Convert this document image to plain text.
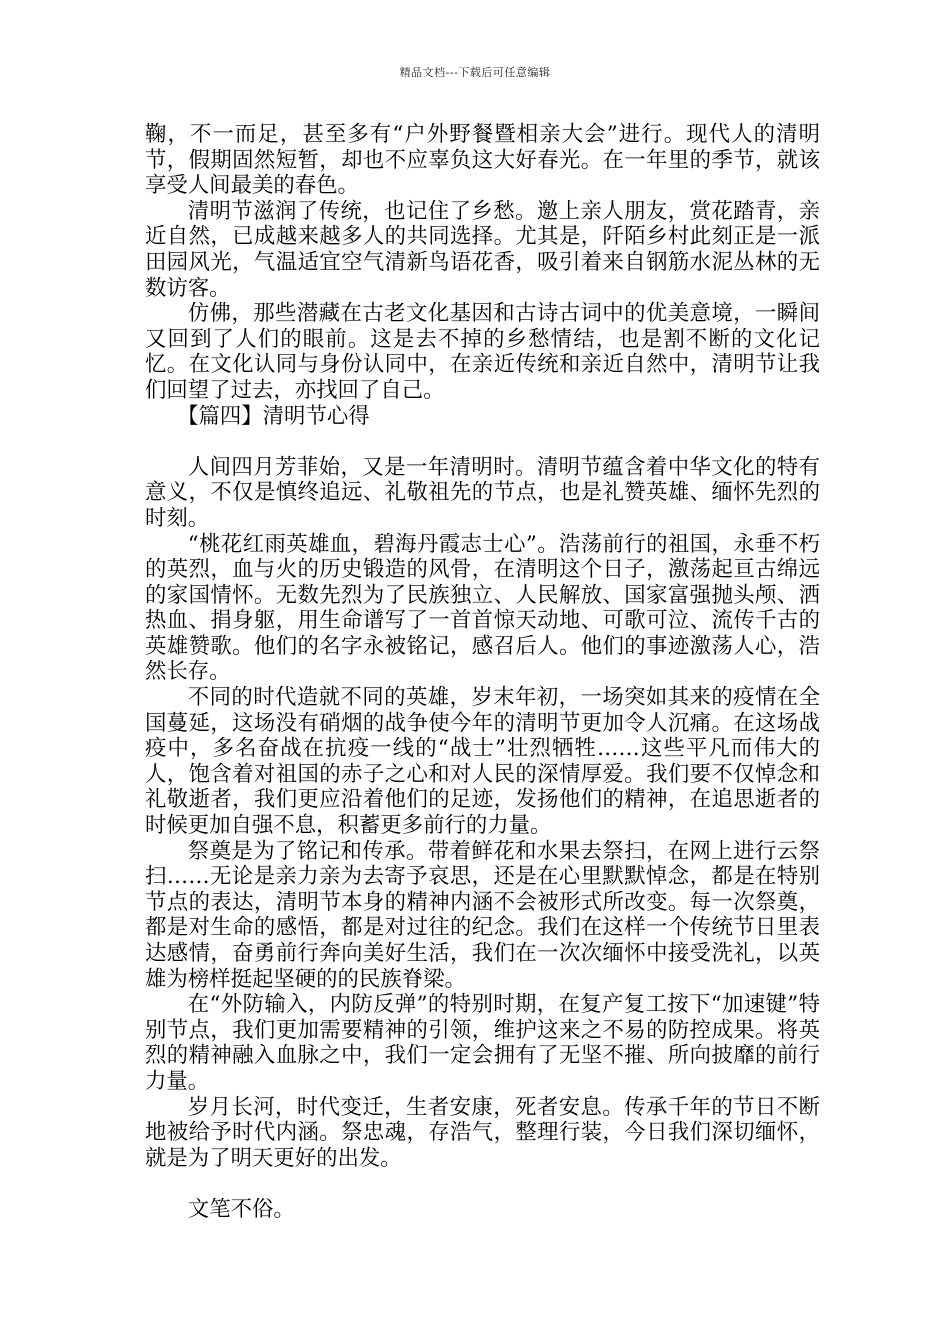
精品文档---下载后可任意编辑

鞠，不一而足，甚至多有“户外野餐暨相亲大会”进行。现代人的清明节，假期固然短暂，却也不应辜负这大好春光。在一年里的季节，就该享受人间最美的春色。

清明节滋润了传统，也记住了乡愁。邀上亲人朋友，赏花踏青，亲近自然，已成越来越多人的共同选择。尤其是，阡陌乡村此刻正是一派田园风光，气温适宜空气清新鸟语花香，吸引着来自钢筋水泥丛林的无数访客。

仿佛，那些潜藏在古老文化基因和古诗古词中的优美意境，一瞬间又回到了人们的眼前。这是去不掉的乡愁情结，也是割不断的文化记忆。在文化认同与身份认同中，在亲近传统和亲近自然中，清明节让我们回望了过去，亦找回了自己。

【篇四】清明节心得

人间四月芳菲始，又是一年清明时。清明节蕴含着中华文化的特有意义，不仅是慎终追远、礼敬祖先的节点，也是礼赞英雄、缅怀先烈的时刻。

“桃花红雨英雄血，碧海丹霞志士心”。浩荡前行的祖国，永垂不朽的英烈，血与火的历史锻造的风骨，在清明这个日子，激荡起亘古绵远的家国情怀。无数先烈为了民族独立、人民解放、国家富强抛头颅、洒热血、捐身躯，用生命谱写了一首首惊天动地、可歌可泣、流传千古的英雄赞歌。他们的名字永被铭记，感召后人。他们的事迹激荡人心，浩然长存。

不同的时代造就不同的英雄，岁末年初，一场突如其来的疫情在全国蔓延，这场没有硝烟的战争使今年的清明节更加令人沉痛。在这场战疫中，多名奋战在抗疫一线的“战士”壮烈牺牲……这些平凡而伟大的人，饱含着对祖国的赤子之心和对人民的深情厚爱。我们要不仅悼念和礼敬逝者，我们更应沿着他们的足迹，发扬他们的精神，在追思逝者的时候更加自强不息，积蓄更多前行的力量。

祭奠是为了铭记和传承。带着鲜花和水果去祭扫，在网上进行云祭扫……无论是亲力亲为去寄予哀思，还是在心里默默悼念，都是在特别节点的表达，清明节本身的精神内涵不会被形式所改变。每一次祭奠，都是对生命的感悟，都是对过往的纪念。我们在这样一个传统节日里表达感情，奋勇前行奔向美好生活，我们在一次次缅怀中接受洗礼，以英雄为榜样挺起坚硬的的民族脊梁。

在“外防输入，内防反弹”的特别时期，在复产复工按下“加速键”特别节点，我们更加需要精神的引领，维护这来之不易的防控成果。将英烈的精神融入血脉之中，我们一定会拥有了无坚不摧、所向披靡的前行力量。

岁月长河，时代变迁，生者安康，死者安息。传承千年的节日不断地被给予时代内涵。祭忠魂，存浩气，整理行装，今日我们深切缅怀，就是为了明天更好的出发。

文笔不俗。
